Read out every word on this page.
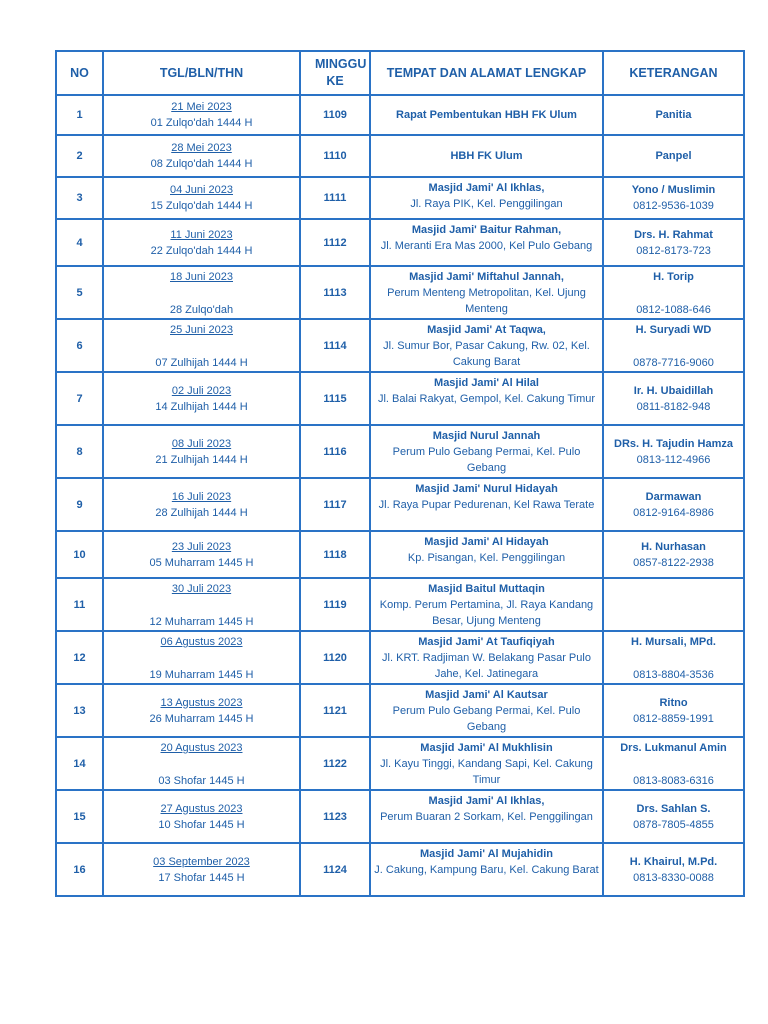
NO	TGL/BLN/THN	MINGGU KE	TEMPAT DAN ALAMAT LENGKAP	KETERANGAN
1	21 Mei 2023
01 Zulqo'dah 1444 H	1109	Rapat Pembentukan HBH FK Ulum	Panitia

2	28 Mei 2023
08 Zulqo'dah 1444 H	1110	HBH FK Ulum	Panpel

3	04 Juni 2023
15 Zulqo'dah 1444 H	1111	Masjid Jami' Al Ikhlas,
Jl. Raya PIK, Kel. Penggilingan	Yono / Muslimin
0812-9536-1039

4	11 Juni 2023
22 Zulqo'dah 1444 H	1112	Masjid Jami' Baitur Rahman,
Jl. Meranti Era Mas 2000, Kel Pulo Gebang	Drs. H. Rahmat
0812-8173-723

5	18 Juni 2023
28 Zulqo'dah	1113	Masjid Jami' Miftahul Jannah,
Perum Menteng Metropolitan, Kel. Ujung Menteng	H. Torip
0812-1088-646

6	25 Juni 2023
07 Zulhijah 1444 H	1114	Masjid Jami' At Taqwa,
Jl. Sumur Bor, Pasar Cakung, Rw. 02, Kel. Cakung Barat	H. Suryadi WD
0878-7716-9060

7	02 Juli 2023
14 Zulhijah 1444 H	1115	Masjid Jami' Al Hilal
Jl. Balai Rakyat, Gempol, Kel. Cakung Timur	Ir. H. Ubaidillah
0811-8182-948

8	08 Juli 2023
21 Zulhijah 1444 H	1116	Masjid Nurul Jannah
Perum Pulo Gebang Permai, Kel. Pulo Gebang	DRs. H. Tajudin Hamza
0813-112-4966

9	16 Juli 2023
28 Zulhijah 1444 H	1117	Masjid Jami' Nurul Hidayah
Jl. Raya Pupar Pedurenan, Kel Rawa Terate	Darmawan
0812-9164-8986

10	23 Juli 2023
05 Muharram 1445 H	1118	Masjid Jami' Al Hidayah
Kp. Pisangan, Kel. Penggilingan	H. Nurhasan
0857-8122-2938

11	30 Juli 2023
12 Muharram 1445 H	1119	Masjid Baitul Muttaqin
Komp. Perum Pertamina, Jl. Raya Kandang Besar, Ujung Menteng	

12	06 Agustus 2023
19 Muharram 1445 H	1120	Masjid Jami' At Taufiqiyah
Jl. KRT. Radjiman W. Belakang Pasar Pulo Jahe, Kel. Jatinegara	H. Mursali, MPd.
0813-8804-3536

13	13 Agustus 2023
26 Muharram 1445 H	1121	Masjid Jami' Al Kautsar
Perum Pulo Gebang Permai, Kel. Pulo Gebang	Ritno
0812-8859-1991

14	20 Agustus 2023
03 Shofar 1445 H	1122	Masjid Jami' Al Mukhlisin
Jl. Kayu Tinggi, Kandang Sapi, Kel. Cakung Timur	Drs. Lukmanul Amin
0813-8083-6316

15	27 Agustus 2023
10 Shofar 1445 H	1123	Masjid Jami' Al Ikhlas,
Perum Buaran 2 Sorkam, Kel. Penggilingan	Drs. Sahlan S.
0878-7805-4855

16	03 September 2023
17 Shofar 1445 H	1124	Masjid Jami' Al Mujahidin
J. Cakung, Kampung Baru, Kel. Cakung Barat	H. Khairul, M.Pd.
0813-8330-0088
